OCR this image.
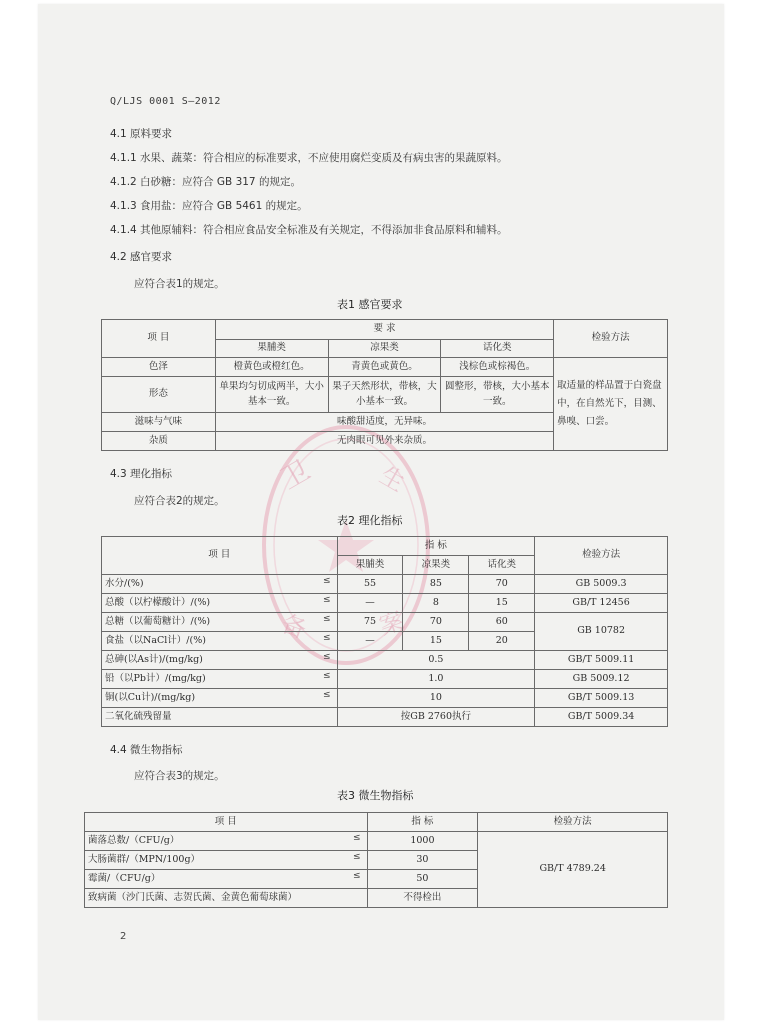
卫 生
备	案
Q/LJS 0001 S—2012
4.1 原料要求
4.1.1 水果、蔬菜：符合相应的标准要求，不应使用腐烂变质及有病虫害的果蔬原料。
4.1.2 白砂糖：应符合 GB 317 的规定。
4.1.3 食用盐：应符合 GB 5461 的规定。
4.1.4 其他原辅料：符合相应食品安全标准及有关规定，不得添加非食品原料和辅料。
4.2 感官要求
应符合表1的规定。
表1 感官要求
项 目	要 求			检验方法
	果脯类	凉果类	话化类	
色泽	橙黄色或橙红色。	青黄色或黄色。	浅棕色或棕褐色。	取适量的样品置于白瓷盘中，在自然光下，目测、鼻嗅、口尝。
形态	单果均匀切成两半，大小基本一致。	果子天然形状，带核，大小基本一致。	圆整形，带核，大小基本一致。	
滋味与气味	味酸甜适度，无异味。			
杂质	无肉眼可见外来杂质。			
4.3 理化指标
应符合表2的规定。
表2 理化指标
项 目	指 标			检验方法
	果脯类	凉果类	话化类	
水分/(%) ≤	55	85	70	GB 5009.3
总酸（以柠檬酸计）/(%) ≤	—	8	15	GB/T 12456
总糖（以葡萄糖计）/(%) ≤	75	70	60	GB 10782
食盐（以NaCl计）/(%) ≤	—	15	20	
总砷(以As计)/(mg/kg) ≤	0.5			GB/T 5009.11
铅（以Pb计）/(mg/kg) ≤	1.0			GB 5009.12
铜(以Cu计)/(mg/kg) ≤	10			GB/T 5009.13
二氧化硫残留量	按GB 2760执行			GB/T 5009.34
4.4 微生物指标
应符合表3的规定。
表3 微生物指标
项 目	指 标	检验方法
菌落总数/（CFU/g） ≤	1000	GB/T 4789.24
大肠菌群/（MPN/100g） ≤	30	
霉菌/（CFU/g） ≤	50	
致病菌（沙门氏菌、志贺氏菌、金黄色葡萄球菌）	不得检出	
2
